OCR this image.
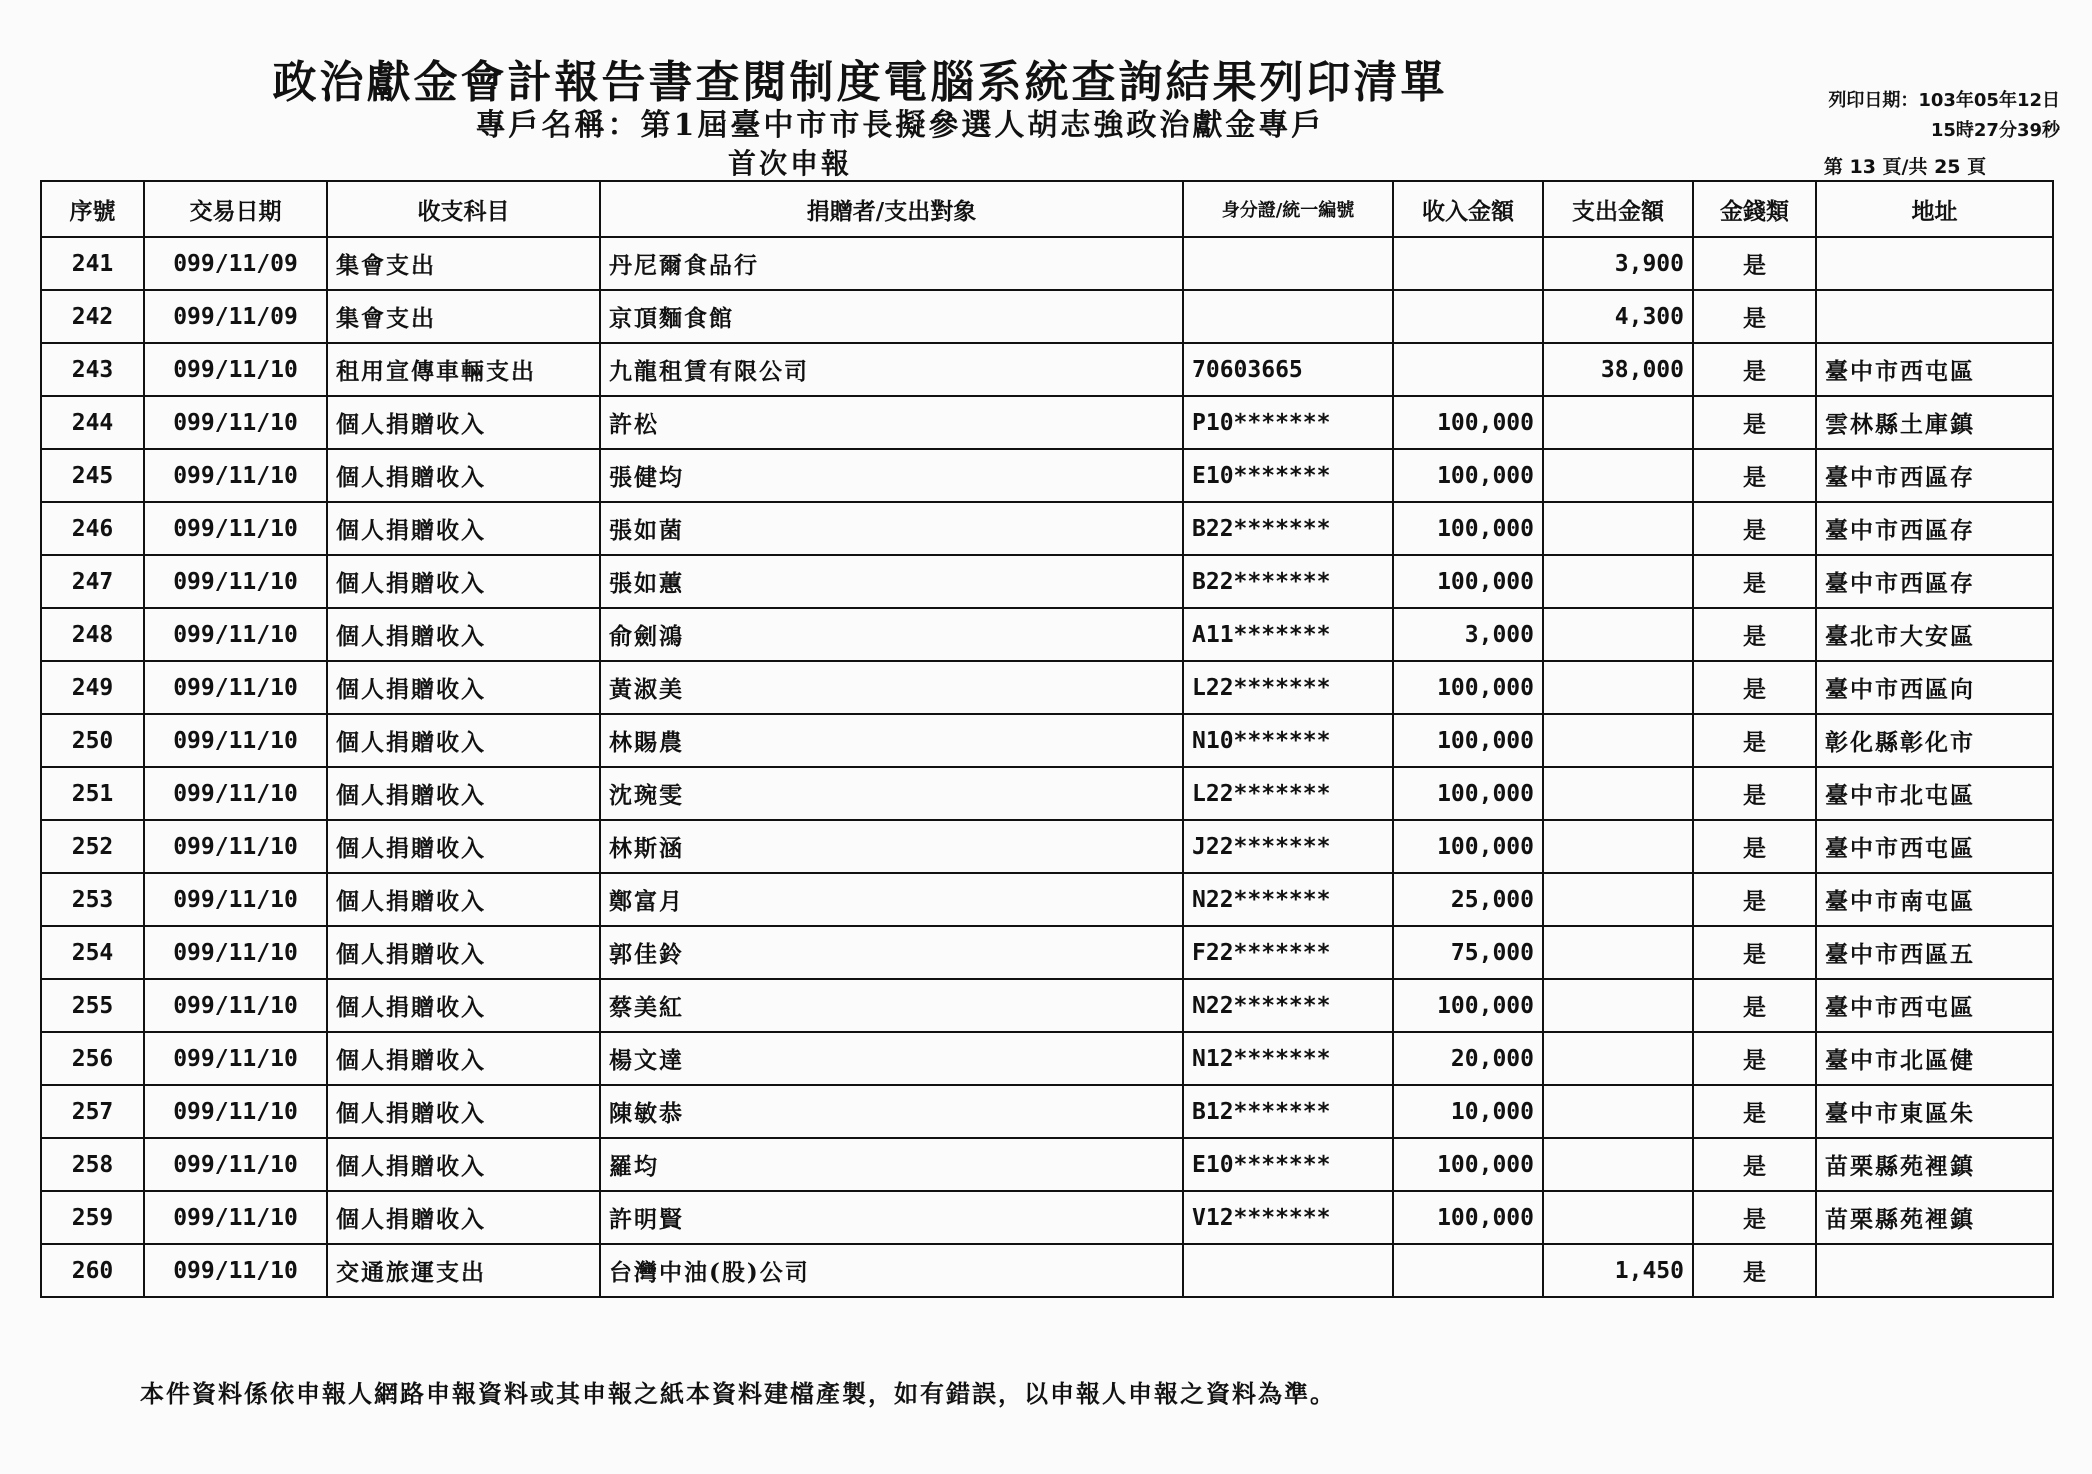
政治獻金會計報告書查閱制度電腦系統查詢結果列印清單
專戶名稱：第1屆臺中市市長擬參選人胡志強政治獻金專戶
首次申報
列印日期：103年05年12日
15時27分39秒
第 13 頁/共 25 頁
序號	交易日期	收支科目	捐贈者/支出對象	身分證/統一編號	收入金額	支出金額	金錢類	地址
241	099/11/09	集會支出	丹尼爾食品行			3,900	是	
242	099/11/09	集會支出	京頂麵食館			4,300	是	
243	099/11/10	租用宣傳車輛支出	九龍租賃有限公司	70603665		38,000	是	臺中市西屯區
244	099/11/10	個人捐贈收入	許松	P10*******	100,000		是	雲林縣土庫鎮
245	099/11/10	個人捐贈收入	張健均	E10*******	100,000		是	臺中市西區存
246	099/11/10	個人捐贈收入	張如菌	B22*******	100,000		是	臺中市西區存
247	099/11/10	個人捐贈收入	張如蕙	B22*******	100,000		是	臺中市西區存
248	099/11/10	個人捐贈收入	俞劍鴻	A11*******	3,000		是	臺北市大安區
249	099/11/10	個人捐贈收入	黃淑美	L22*******	100,000		是	臺中市西區向
250	099/11/10	個人捐贈收入	林賜農	N10*******	100,000		是	彰化縣彰化市
251	099/11/10	個人捐贈收入	沈琬雯	L22*******	100,000		是	臺中市北屯區
252	099/11/10	個人捐贈收入	林斯涵	J22*******	100,000		是	臺中市西屯區
253	099/11/10	個人捐贈收入	鄭富月	N22*******	25,000		是	臺中市南屯區
254	099/11/10	個人捐贈收入	郭佳鈴	F22*******	75,000		是	臺中市西區五
255	099/11/10	個人捐贈收入	蔡美紅	N22*******	100,000		是	臺中市西屯區
256	099/11/10	個人捐贈收入	楊文達	N12*******	20,000		是	臺中市北區健
257	099/11/10	個人捐贈收入	陳敏恭	B12*******	10,000		是	臺中市東區朱
258	099/11/10	個人捐贈收入	羅均	E10*******	100,000		是	苗栗縣苑裡鎮
259	099/11/10	個人捐贈收入	許明賢	V12*******	100,000		是	苗栗縣苑裡鎮
260	099/11/10	交通旅運支出	台灣中油(股)公司			1,450	是	
本件資料係依申報人網路申報資料或其申報之紙本資料建檔產製，如有錯誤，以申報人申報之資料為準。
